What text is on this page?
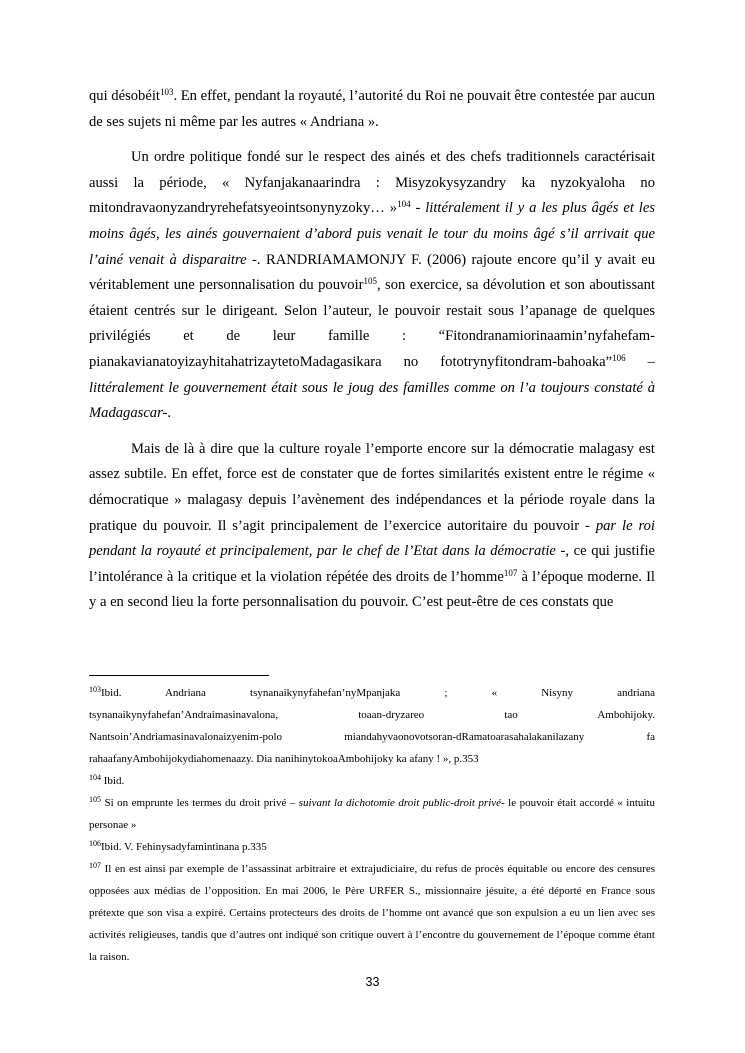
qui désobéit$^{103}$. En effet, pendant la royauté, l’autorité du Roi ne pouvait être contestée par aucun de ses sujets ni même par les autres « Andriana ».

Un ordre politique fondé sur le respect des ainés et des chefs traditionnels caractérisait aussi la période, « Nyfanjakanaarindra : Misyzokysyzandry ka nyzokyaloha no mitondravaonyzandryrehefatsyeointsonynyzoky… »$^{104}$ - littéralement il y a les plus âgés et les moins âgés, les ainés gouvernaient d’abord puis venait le tour du moins âgé s’il arrivait que l’ainé venait à disparaitre -. RANDRIAMAMONJY F. (2006) rajoute encore qu’il y avait eu véritablement une personnalisation du pouvoir$^{105}$, son exercice, sa dévolution et son aboutissant étaient centrés sur le dirigeant. Selon l’auteur, le pouvoir restait sous l’apanage de quelques privilégiés et de leur famille : “Fitondranamiorinaamin’nyfahefam-pianakavianatoyizayhitahatrizaytetoMadagasikara no fototrynyfitondram-bahoaka”$^{106}$ – littéralement le gouvernement était sous le joug des familles comme on l’a toujours constaté à Madagascar-.

Mais de là à dire que la culture royale l’emporte encore sur la démocratie malagasy est assez subtile. En effet, force est de constater que de fortes similarités existent entre le régime « démocratique » malagasy depuis l’avènement des indépendances et la période royale dans la pratique du pouvoir. Il s’agit principalement de l’exercice autoritaire du pouvoir - par le roi pendant la royauté et principalement, par le chef de l’Etat dans la démocratie -, ce qui justifie l’intolérance à la critique et la violation répétée des droits de l’homme$^{107}$ à l’époque moderne. Il y a en second lieu la forte personnalisation du pouvoir. C’est peut-être de ces constats que

$^{103}$Ibid. Andriana tsynanaikynyfahefan’nyMpanjaka ; « Nisyny andriana

tsynanaikynyfahefan’Andraimasinavalona, toaan-dryzareo tao Ambohijoky.

Nantsoin’Andriamasinavalonaizyenim-polo miandahyvaonovotsoran-dRamatoarasahalakanilazany fa

rahaafanyAmbohijokydiahomenaazy. Dia nanihinytokoaAmbohijoky ka afany ! », p.353

$^{104}$ Ibid.

$^{105}$ Si on emprunte les termes du droit privé – suivant la dichotomie droit public-droit privé- le pouvoir était accordé « intuitu personae »

$^{106}$Ibid. V. Fehinysadyfamintinana p.335

$^{107}$ Il en est ainsi par exemple de l’assassinat arbitraire et extrajudiciaire, du refus de procès équitable ou encore des censures opposées aux médias de l’opposition. En mai 2006, le Père URFER S., missionnaire jésuite, a été déporté en France sous prétexte que son visa a expiré. Certains protecteurs des droits de l’homme ont avancé que son expulsion a eu un lien avec ses activités religieuses, tandis que d’autres ont indiqué son critique ouvert à l’encontre du gouvernement de l’époque comme étant la raison.

33
